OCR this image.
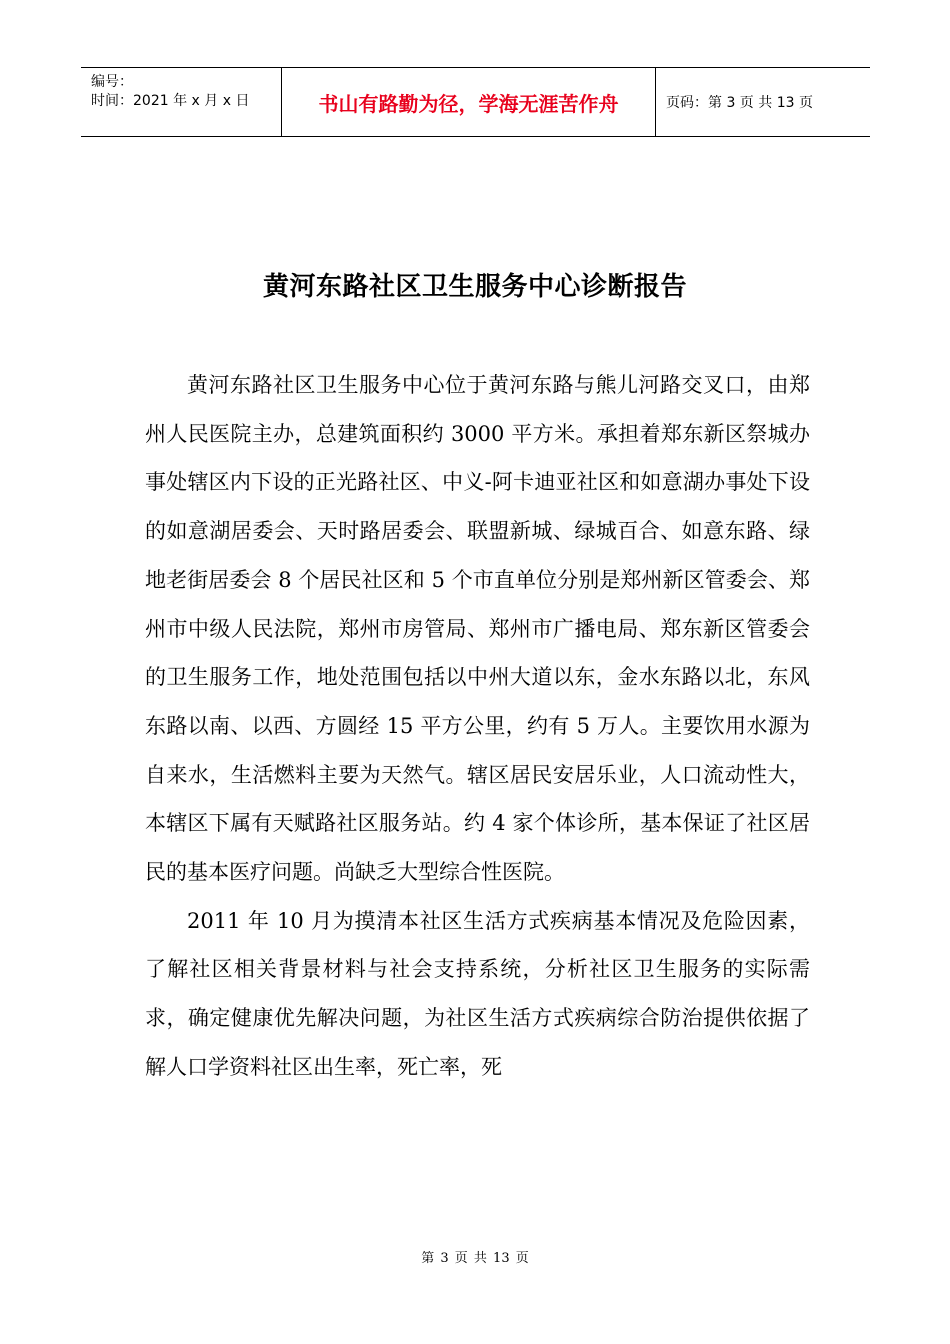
编号：
时间：2021 年 x 月 x 日	书山有路勤为径，学海无涯苦作舟	页码：第 3 页 共 13 页
黄河东路社区卫生服务中心诊断报告

黄河东路社区卫生服务中心位于黄河东路与熊儿河路交叉口，由郑州人民医院主办，总建筑面积约 3000 平方米。承担着郑东新区祭城办事处辖区内下设的正光路社区、中义-阿卡迪亚社区和如意湖办事处下设的如意湖居委会、天时路居委会、联盟新城、绿城百合、如意东路、绿地老街居委会 8 个居民社区和 5 个市直单位分别是郑州新区管委会、郑州市中级人民法院，郑州市房管局、郑州市广播电局、郑东新区管委会的卫生服务工作，地处范围包括以中州大道以东，金水东路以北，东风东路以南、以西、方圆经 15 平方公里，约有 5 万人。主要饮用水源为自来水，生活燃料主要为天然气。辖区居民安居乐业，人口流动性大，本辖区下属有天赋路社区服务站。约 4 家个体诊所，基本保证了社区居民的基本医疗问题。尚缺乏大型综合性医院。

2011 年 10 月为摸清本社区生活方式疾病基本情况及危险因素，了解社区相关背景材料与社会支持系统，分析社区卫生服务的实际需求，确定健康优先解决问题，为社区生活方式疾病综合防治提供依据了解人口学资料社区出生率，死亡率，死

第 3 页 共 13 页
